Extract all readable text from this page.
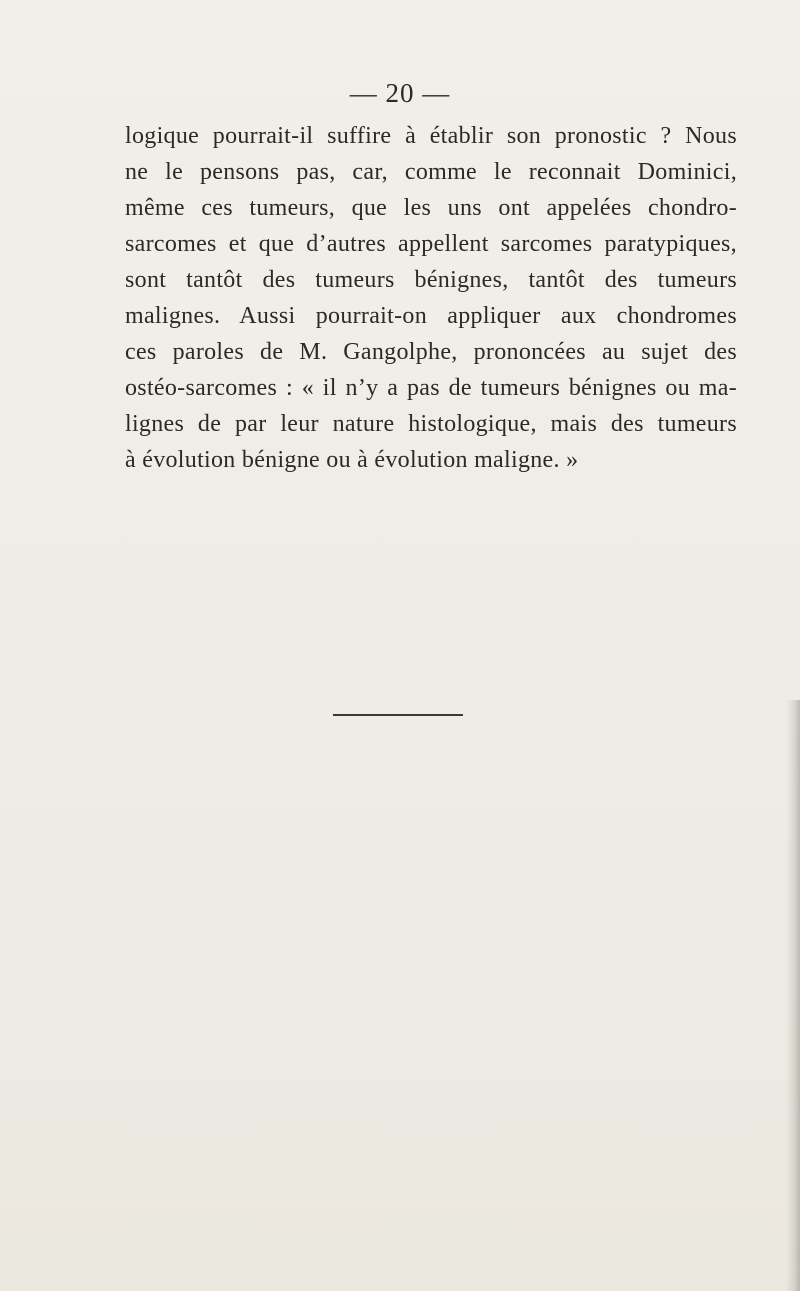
— 20 —
logique pourrait-il suffire à établir son pronostic ? Nous
ne le pensons pas, car, comme le reconnait Dominici,
même ces tumeurs, que les uns ont appelées chondro-
sarcomes et que d’autres appellent sarcomes paratypiques,
sont tantôt des tumeurs bénignes, tantôt des tumeurs
malignes. Aussi pourrait-on appliquer aux chondromes
ces paroles de M. Gangolphe, prononcées au sujet des
ostéo-sarcomes : « il n’y a pas de tumeurs bénignes ou ma-
lignes de par leur nature histologique, mais des tumeurs
à évolution bénigne ou à évolution maligne. »
